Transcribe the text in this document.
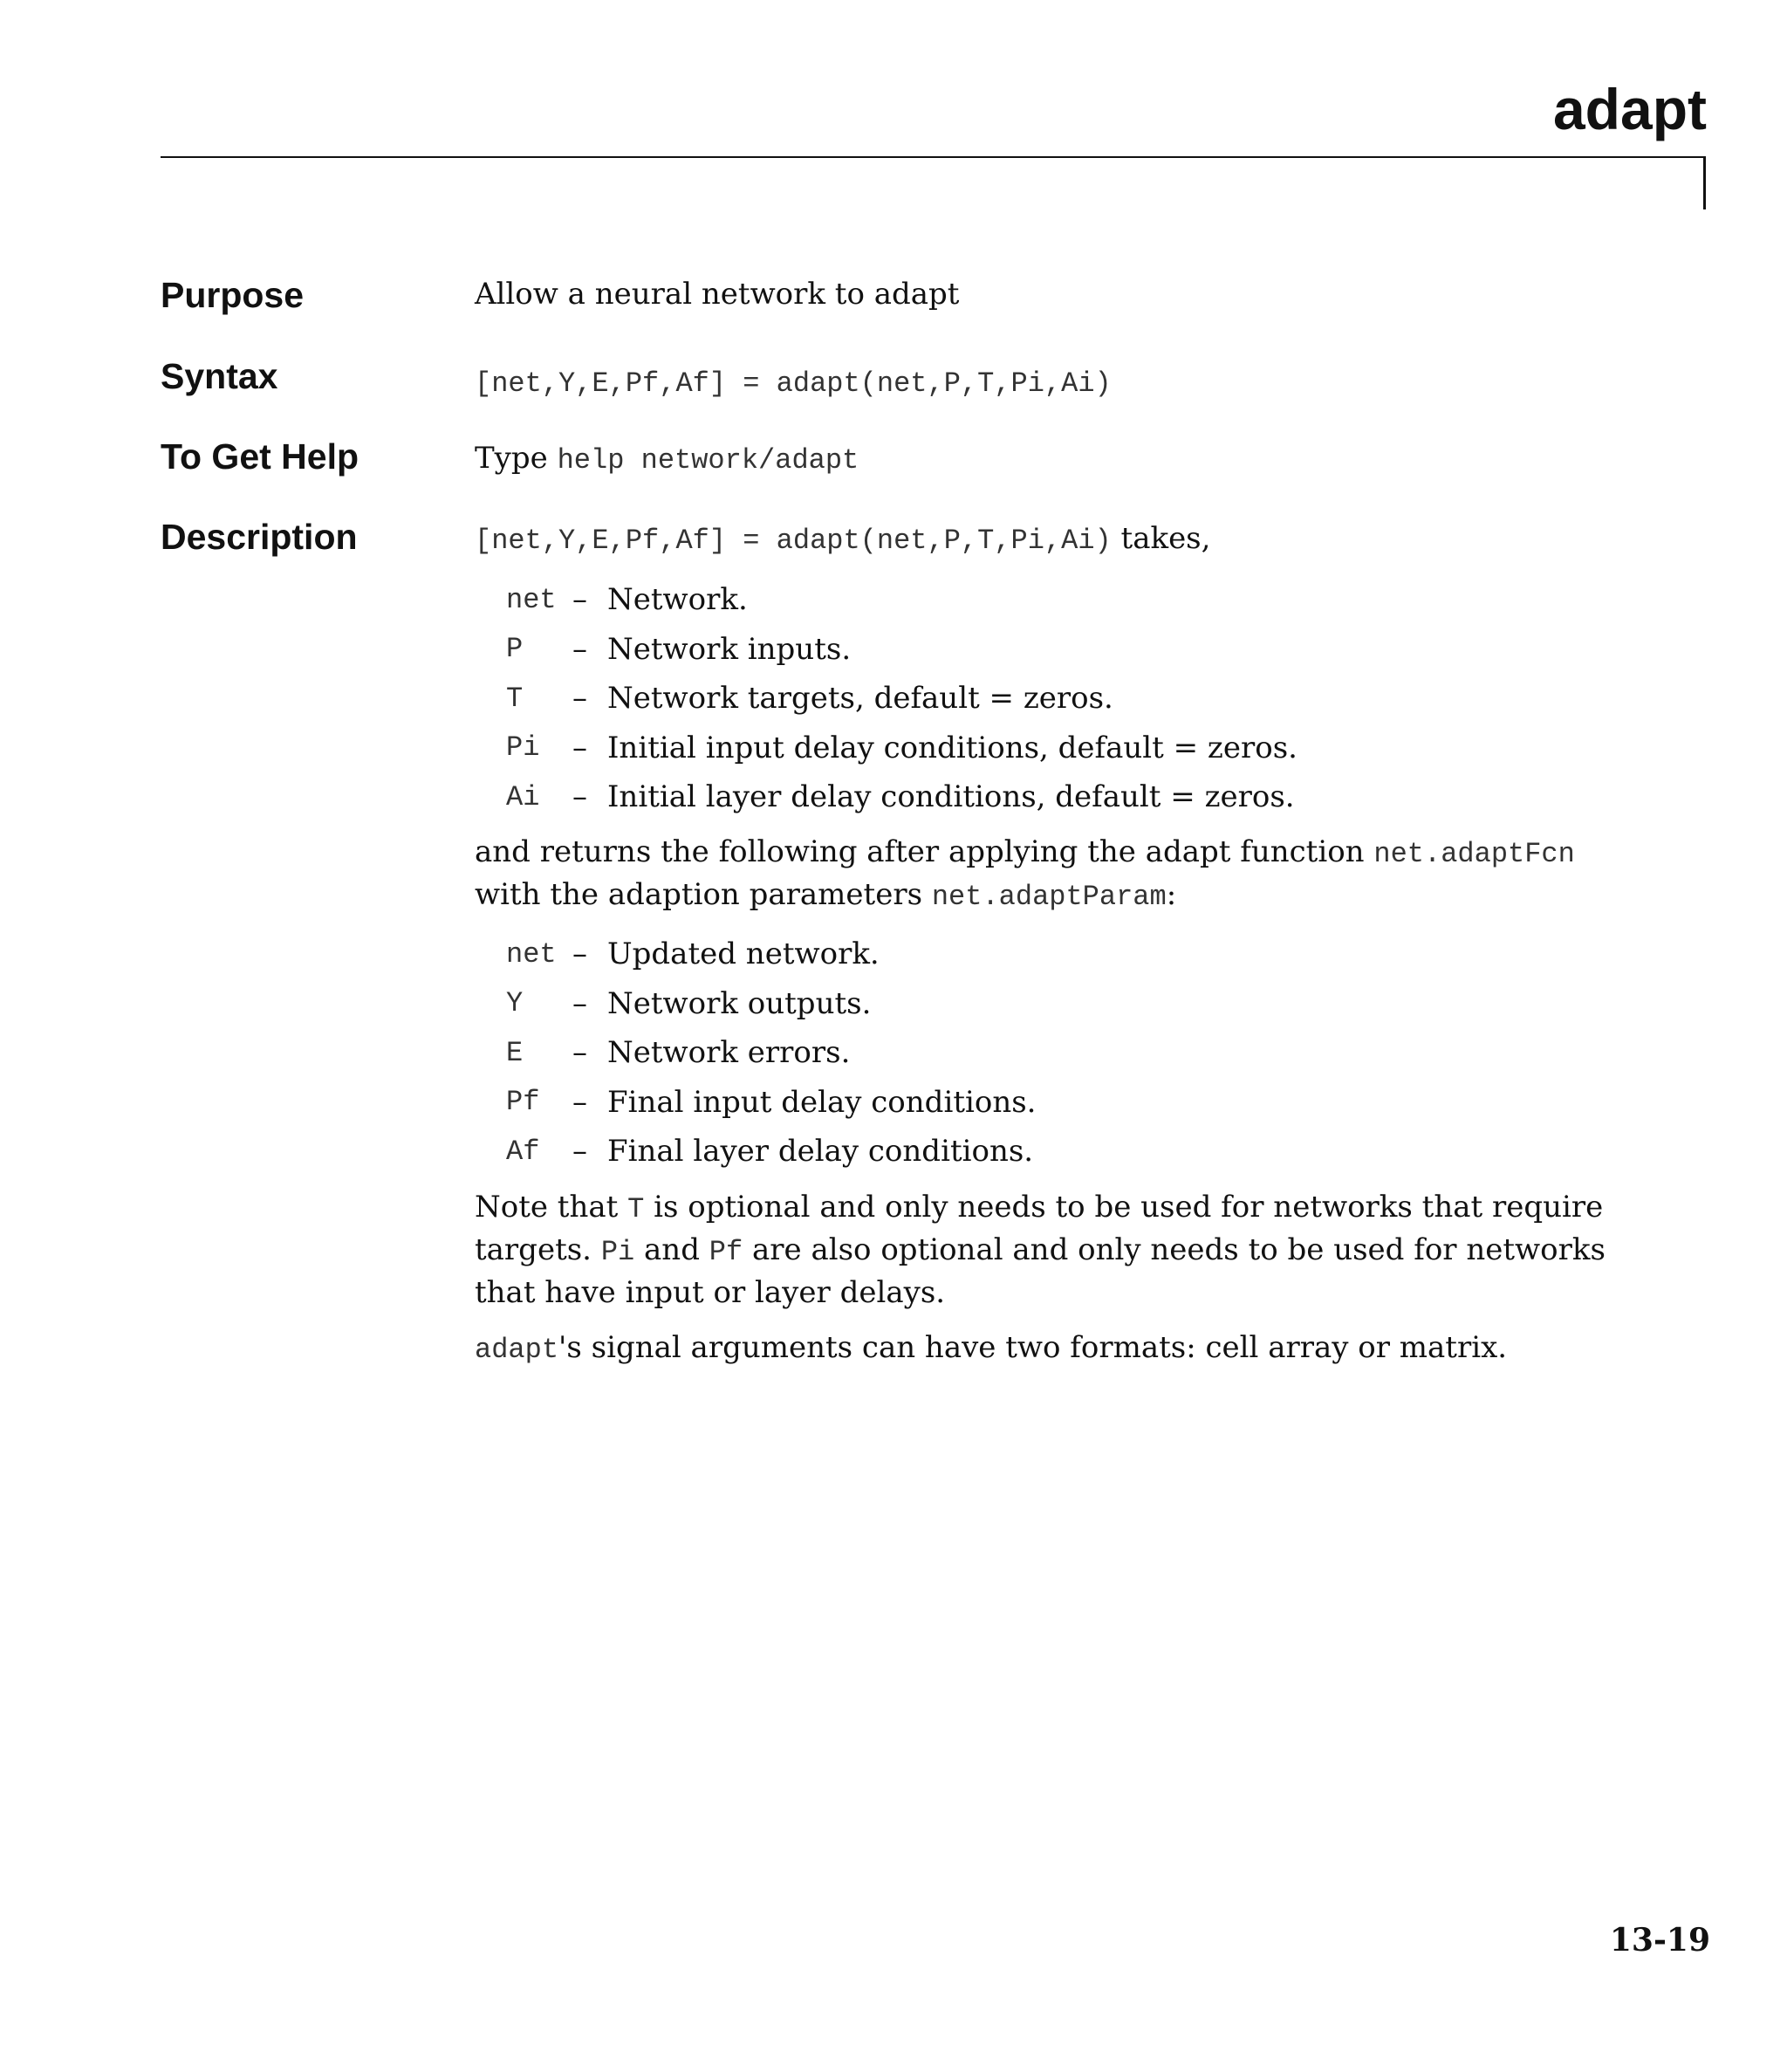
adapt
Purpose	Allow a neural network to adapt
Syntax	[net,Y,E,Pf,Af] = adapt(net,P,T,Pi,Ai)
To Get Help	Type help network/adapt
Description	[net,Y,E,Pf,Af] = adapt(net,P,T,Pi,Ai) takes,
net – Network.
P	– Network inputs.
T	– Network targets, default = zeros.
Pi	– Initial input delay conditions, default = zeros.
Ai	– Initial layer delay conditions, default = zeros.
and returns the following after applying the adapt function net.adaptFcn with the adaption parameters net.adaptParam:
net – Updated network.
Y	– Network outputs.
E	– Network errors.
Pf	– Final input delay conditions.
Af	– Final layer delay conditions.
Note that T is optional and only needs to be used for networks that require targets. Pi and Pf are also optional and only needs to be used for networks that have input or layer delays.
adapt's signal arguments can have two formats: cell array or matrix.
13-19
